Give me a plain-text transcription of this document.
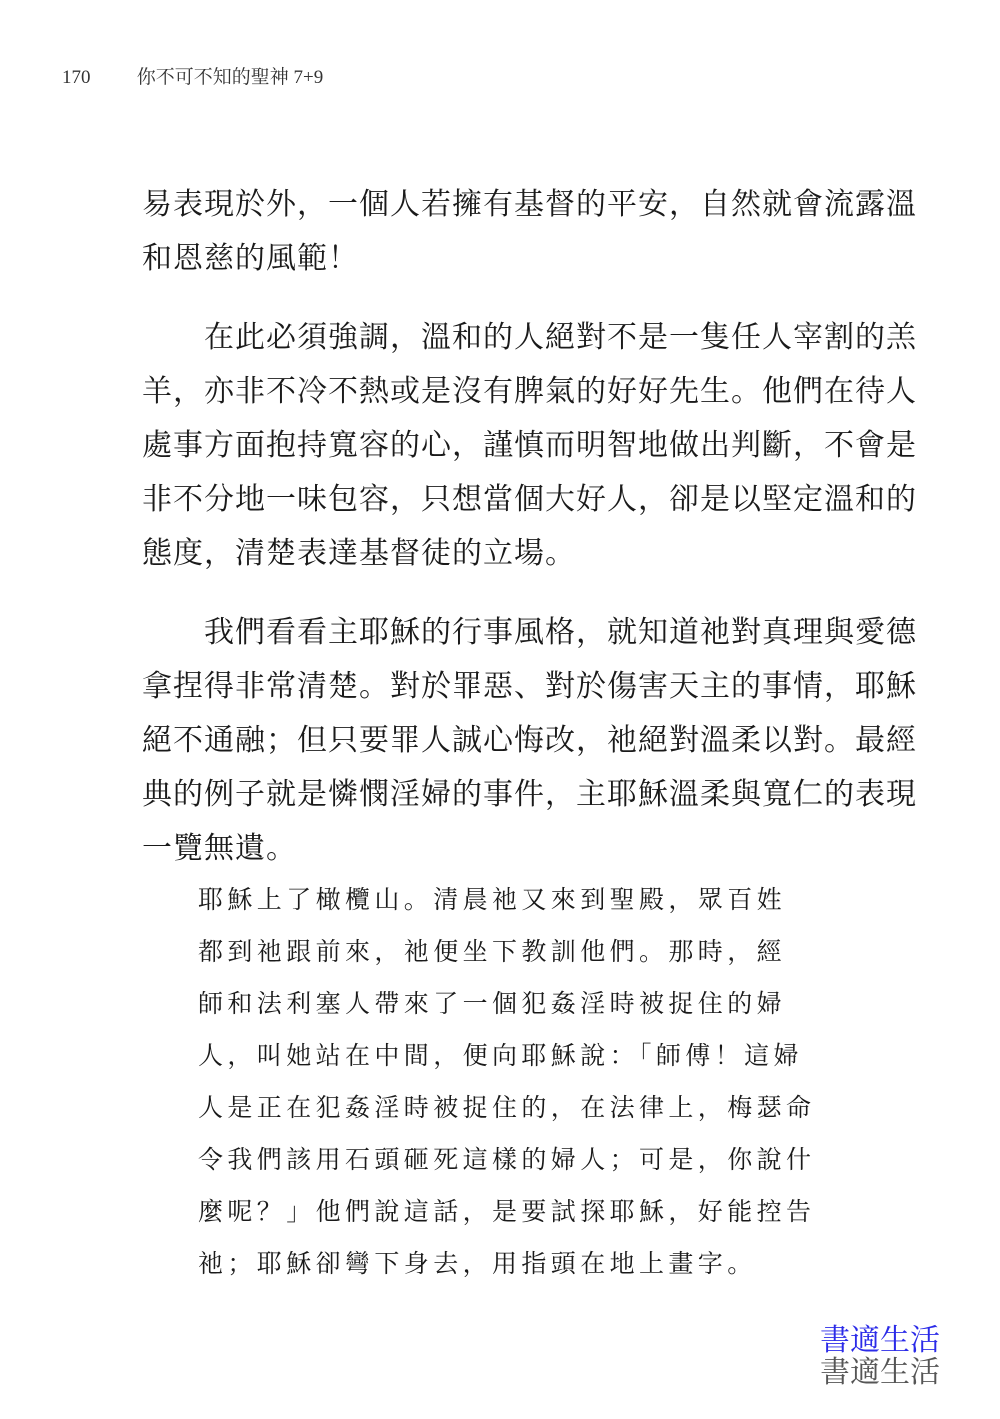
170 你不可不知的聖神 7+9

易表現於外，一個人若擁有基督的平安，自然就會流露溫
和恩慈的風範！

在此必須強調，溫和的人絕對不是一隻任人宰割的羔
羊，亦非不冷不熱或是沒有脾氣的好好先生。他們在待人
處事方面抱持寬容的心，謹慎而明智地做出判斷，不會是
非不分地一味包容，只想當個大好人，卻是以堅定溫和的
態度，清楚表達基督徒的立場。

我們看看主耶穌的行事風格，就知道祂對真理與愛德
拿捏得非常清楚。對於罪惡、對於傷害天主的事情，耶穌
絕不通融；但只要罪人誠心悔改，祂絕對溫柔以對。最經
典的例子就是憐憫淫婦的事件，主耶穌溫柔與寬仁的表現
一覽無遺。

耶穌上了橄欖山。清晨祂又來到聖殿，眾百姓
都到祂跟前來，祂便坐下教訓他們。那時，經
師和法利塞人帶來了一個犯姦淫時被捉住的婦
人，叫她站在中間，便向耶穌說：「師傅！這婦
人是正在犯姦淫時被捉住的，在法律上，梅瑟命
令我們該用石頭砸死這樣的婦人；可是，你說什
麼呢？」他們說這話，是要試探耶穌，好能控告
祂；耶穌卻彎下身去，用指頭在地上畫字。
書適生活
書適生活
